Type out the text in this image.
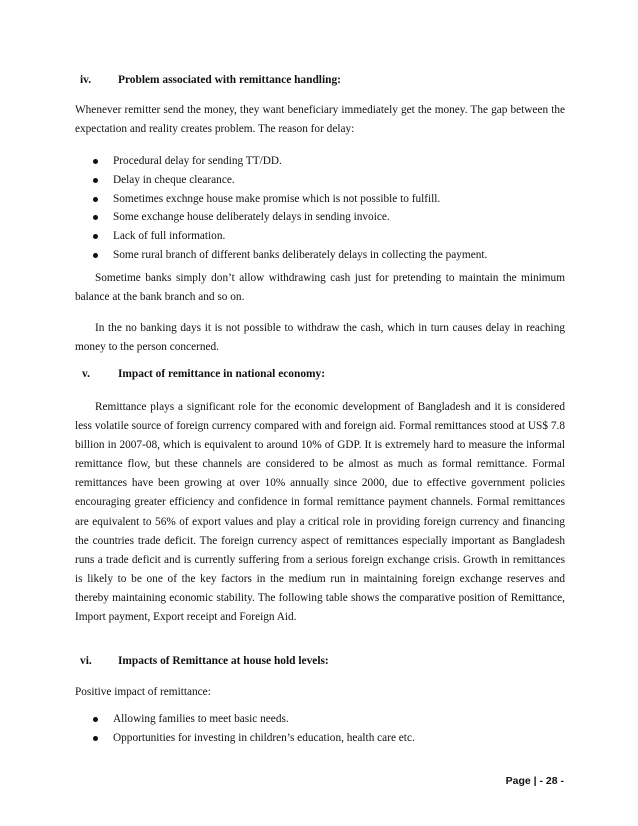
iv.	Problem associated with remittance handling:

Whenever remitter send the money, they want beneficiary immediately get the money. The gap between the expectation and reality creates problem. The reason for delay:

Procedural delay for sending TT/DD.
Delay in cheque clearance.
Sometimes exchnge house make promise which is not possible to fulfill.
Some exchange house deliberately delays in sending invoice.
Lack of full information.
Some rural branch of different banks deliberately delays in collecting the payment.

Sometime banks simply don’t allow withdrawing cash just for pretending to maintain the minimum balance at the bank branch and so on.

In the no banking days it is not possible to withdraw the cash, which in turn causes delay in reaching money to the person concerned.

v.	Impact of remittance in national economy:

Remittance plays a significant role for the economic development of Bangladesh and it is considered less volatile source of foreign currency compared with and foreign aid. Formal remittances stood at US$ 7.8 billion in 2007-08, which is equivalent to around 10% of GDP. It is extremely hard to measure the informal remittance flow, but these channels are considered to be almost as much as formal remittance. Formal remittances have been growing at over 10% annually since 2000, due to effective government policies encouraging greater efficiency and confidence in formal remittance payment channels. Formal remittances are equivalent to 56% of export values and play a critical role in providing foreign currency and financing the countries trade deficit. The foreign currency aspect of remittances especially important as Bangladesh runs a trade deficit and is currently suffering from a serious foreign exchange crisis. Growth in remittances is likely to be one of the key factors in the medium run in maintaining foreign exchange reserves and thereby maintaining economic stability. The following table shows the comparative position of Remittance, Import payment, Export receipt and Foreign Aid.

vi.	Impacts of Remittance at house hold levels:

Positive impact of remittance:

Allowing families to meet basic needs.
Opportunities for investing in children’s education, health care etc.
Page | - 28 -
